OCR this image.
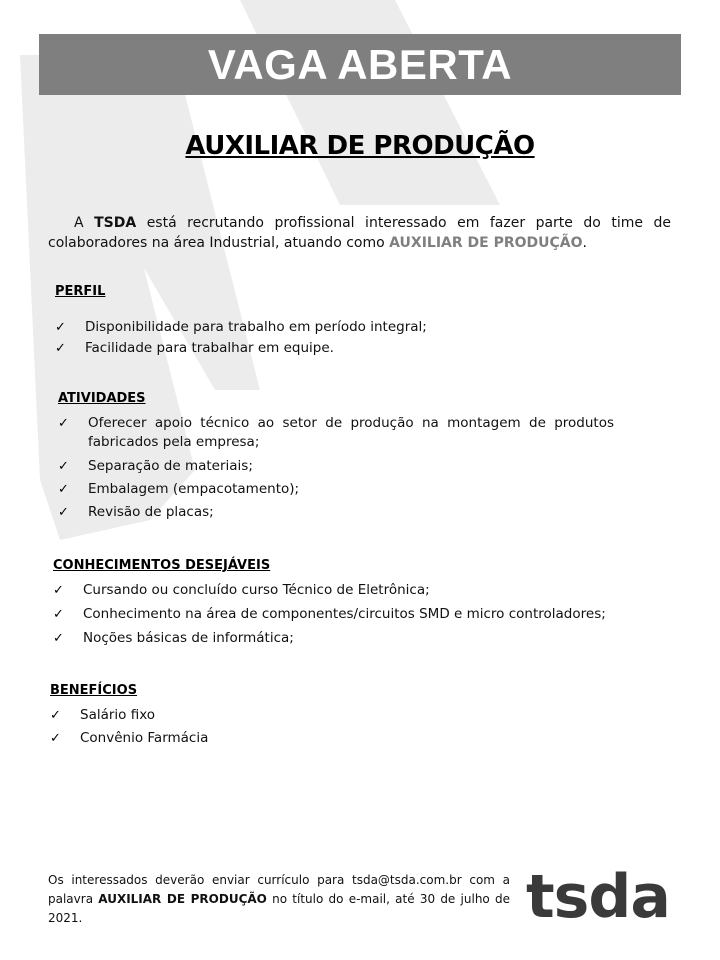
VAGA ABERTA
AUXILIAR DE PRODUÇÃO
A TSDA está recrutando profissional interessado em fazer parte do time de colaboradores na área Industrial, atuando como AUXILIAR DE PRODUÇÃO.
PERFIL
✓ Disponibilidade para trabalho em período integral;
✓ Facilidade para trabalhar em equipe.
ATIVIDADES
✓ Oferecer apoio técnico ao setor de produção na montagem de produtos fabricados pela empresa;
✓ Separação de materiais;
✓ Embalagem (empacotamento);
✓ Revisão de placas;
CONHECIMENTOS DESEJÁVEIS
✓ Cursando ou concluído curso Técnico de Eletrônica;
✓ Conhecimento na área de componentes/circuitos SMD e micro controladores;
✓ Noções básicas de informática;
BENEFÍCIOS
✓ Salário fixo
✓ Convênio Farmácia
Os interessados deverão enviar currículo para tsda@tsda.com.br com a palavra AUXILIAR DE PRODUÇÃO no título do e-mail, até 30 de julho de 2021.	tsda
